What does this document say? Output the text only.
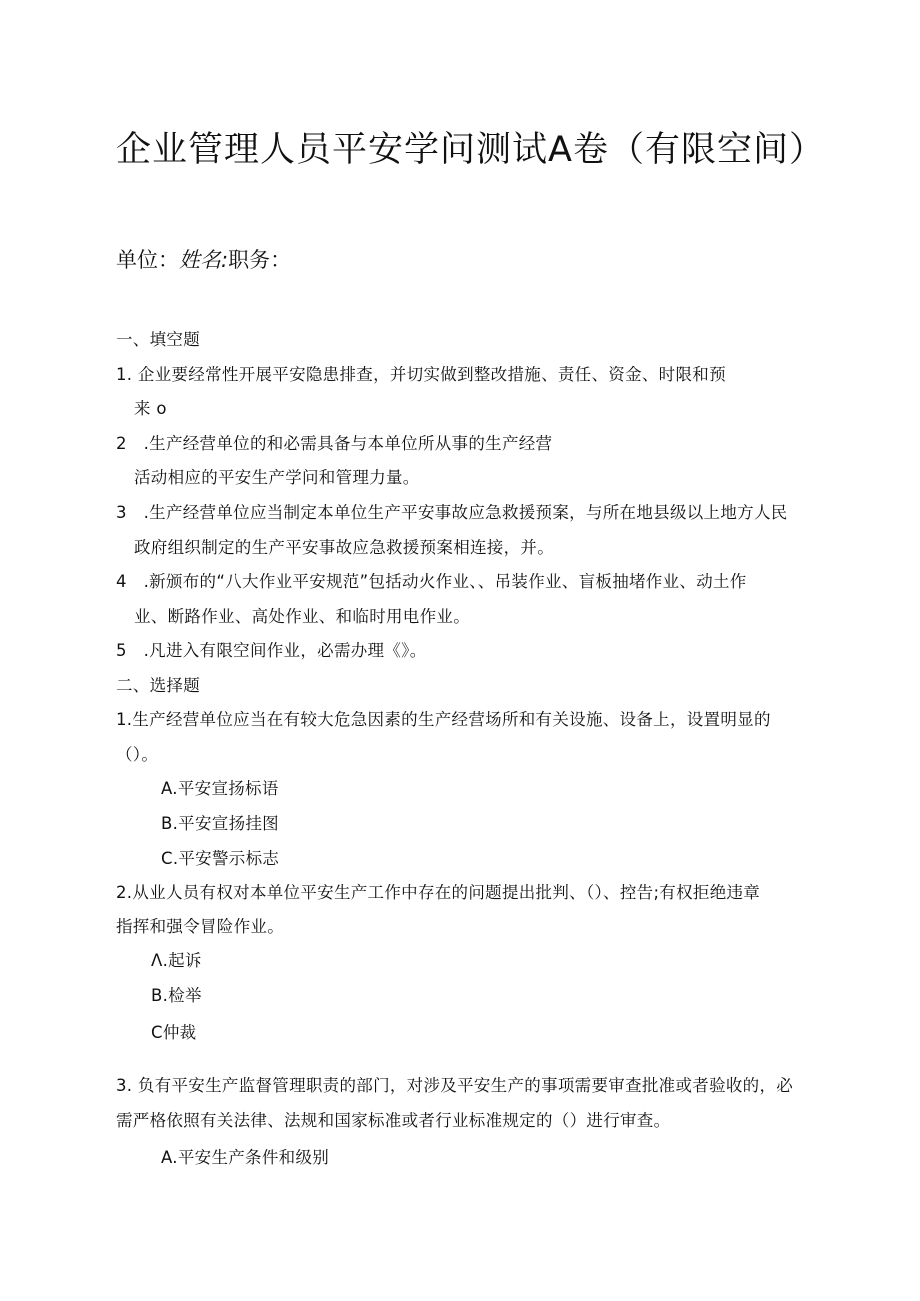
企业管理人员平安学问测试A卷（有限空间）
单位：姓名:职务：
一、填空题
1. 企业要经常性开展平安隐患排查，并切实做到整改措施、责任、资金、时限和预
来 o
2　.生产经营单位的和必需具备与本单位所从事的生产经营
活动相应的平安生产学问和管理力量。
3　.生产经营单位应当制定本单位生产平安事故应急救援预案，与所在地县级以上地方人民
政府组织制定的生产平安事故应急救援预案相连接，并。
4　.新颁布的“八大作业平安规范”包括动火作业、、吊装作业、盲板抽堵作业、动土作
业、断路作业、高处作业、和临时用电作业。
5　.凡进入有限空间作业，必需办理《》。
二、选择题
1.生产经营单位应当在有较大危急因素的生产经营场所和有关设施、设备上，设置明显的
（）。
A.平安宣扬标语
B.平安宣扬挂图
C.平安警示标志
2.从业人员有权对本单位平安生产工作中存在的问题提出批判、（）、控告;有权拒绝违章
指挥和强令冒险作业。
Λ.起诉
B.检举
C仲裁
3. 负有平安生产监督管理职责的部门，对涉及平安生产的事项需要审查批准或者验收的，必
需严格依照有关法律、法规和国家标准或者行业标准规定的（）进行审查。
A.平安生产条件和级别
